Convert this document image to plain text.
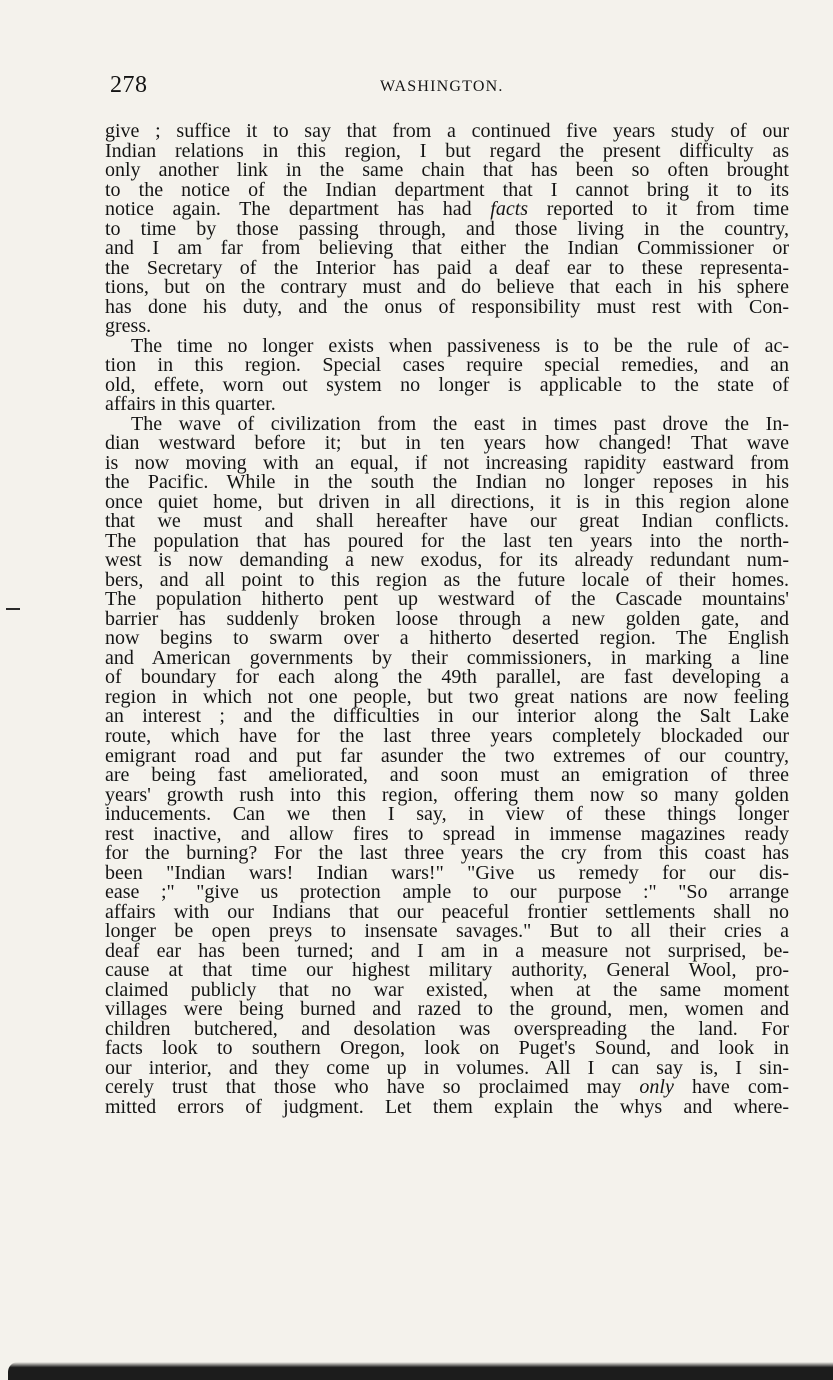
278	WASHINGTON.
give ; suffice it to say that from a continued five years study of our
Indian relations in this region, I but regard the present difficulty as
only another link in the same chain that has been so often brought
to the notice of the Indian department that I cannot bring it to its
notice again. The department has had facts reported to it from time
to time by those passing through, and those living in the country,
and I am far from believing that either the Indian Commissioner or
the Secretary of the Interior has paid a deaf ear to these representa-
tions, but on the contrary must and do believe that each in his sphere
has done his duty, and the onus of responsibility must rest with Con-
gress.
The time no longer exists when passiveness is to be the rule of ac-
tion in this region. Special cases require special remedies, and an
old, effete, worn out system no longer is applicable to the state of
affairs in this quarter.
The wave of civilization from the east in times past drove the In-
dian westward before it; but in ten years how changed! That wave
is now moving with an equal, if not increasing rapidity eastward from
the Pacific. While in the south the Indian no longer reposes in his
once quiet home, but driven in all directions, it is in this region alone
that we must and shall hereafter have our great Indian conflicts.
The population that has poured for the last ten years into the north-
west is now demanding a new exodus, for its already redundant num-
bers, and all point to this region as the future locale of their homes.
The population hitherto pent up westward of the Cascade mountains'
barrier has suddenly broken loose through a new golden gate, and
now begins to swarm over a hitherto deserted region. The English
and American governments by their commissioners, in marking a line
of boundary for each along the 49th parallel, are fast developing a
region in which not one people, but two great nations are now feeling
an interest ; and the difficulties in our interior along the Salt Lake
route, which have for the last three years completely blockaded our
emigrant road and put far asunder the two extremes of our country,
are being fast ameliorated, and soon must an emigration of three
years' growth rush into this region, offering them now so many golden
inducements. Can we then I say, in view of these things longer
rest inactive, and allow fires to spread in immense magazines ready
for the burning? For the last three years the cry from this coast has
been "Indian wars! Indian wars!" "Give us remedy for our dis-
ease ;" "give us protection ample to our purpose :" "So arrange
affairs with our Indians that our peaceful frontier settlements shall no
longer be open preys to insensate savages." But to all their cries a
deaf ear has been turned; and I am in a measure not surprised, be-
cause at that time our highest military authority, General Wool, pro-
claimed publicly that no war existed, when at the same moment
villages were being burned and razed to the ground, men, women and
children butchered, and desolation was overspreading the land. For
facts look to southern Oregon, look on Puget's Sound, and look in
our interior, and they come up in volumes. All I can say is, I sin-
cerely trust that those who have so proclaimed may only have com-
mitted errors of judgment. Let them explain the whys and where-
